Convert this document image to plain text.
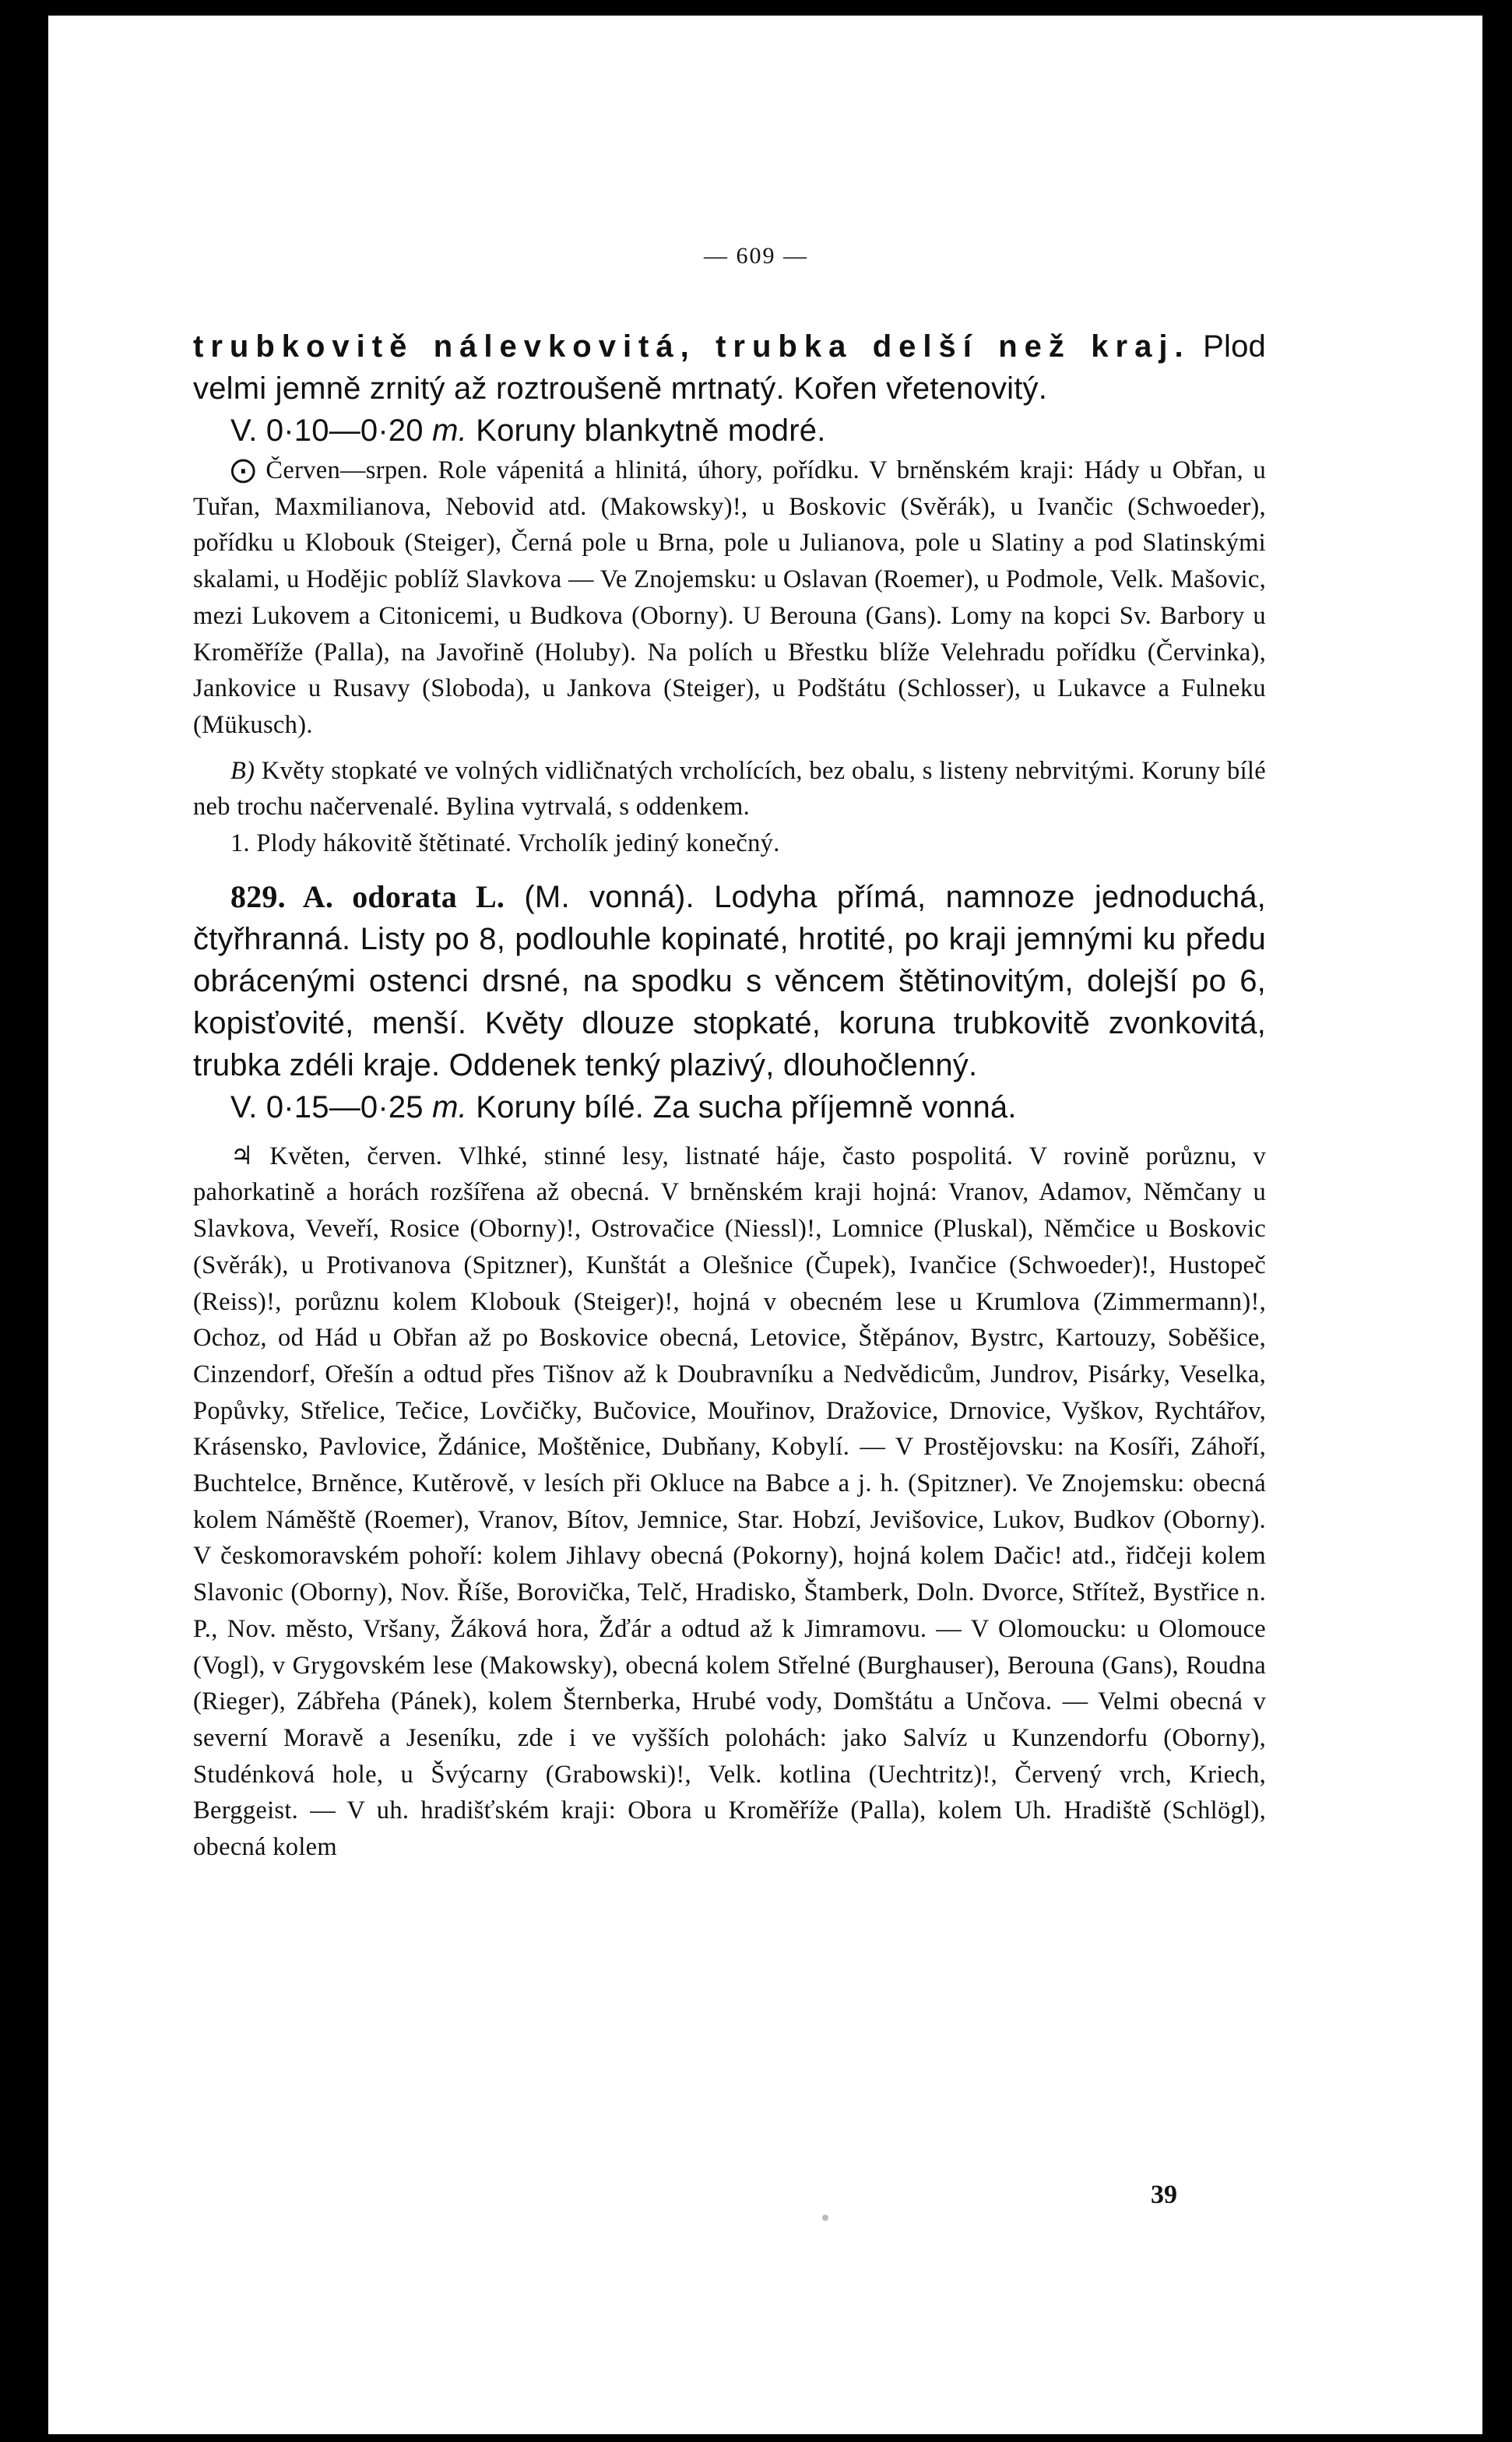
— 609 —

trubkovitě nálevkovitá, trubka delší než kraj. Plod velmi jemně zrnitý až roztroušeně mrtnatý. Kořen vřetenovitý.

V. 0·10—0·20 m. Koruny blankytně modré.

⨀ Červen—srpen. Role vápenitá a hlinitá, úhory, pořídku. V brněnském kraji: Hády u Obřan, u Tuřan, Maxmilianova, Nebovid atd. (Makowsky)!, u Boskovic (Svěrák), u Ivančic (Schwoeder), pořídku u Klobouk (Steiger), Černá pole u Brna, pole u Julianova, pole u Slatiny a pod Slatinskými skalami, u Hodějic poblíž Slavkova — Ve Znojemsku: u Oslavan (Roemer), u Podmole, Velk. Mašovic, mezi Lukovem a Citonicemi, u Budkova (Oborny). U Berouna (Gans). Lomy na kopci Sv. Barbory u Kroměříže (Palla), na Javořině (Holuby). Na polích u Břestku blíže Velehradu pořídku (Červinka), Jankovice u Rusavy (Sloboda), u Jankova (Steiger), u Podštátu (Schlosser), u Lukavce a Fulneku (Mükusch).

B) Květy stopkaté ve volných vidličnatých vrcholících, bez obalu, s listeny nebrvitými. Koruny bílé neb trochu načervenalé. Bylina vytrvalá, s oddenkem.

1. Plody hákovitě štětinaté. Vrcholík jediný konečný.

829. A. odorata L. (M. vonná). Lodyha přímá, namnoze jednoduchá, čtyřhranná. Listy po 8, podlouhle kopinaté, hrotité, po kraji jemnými ku předu obrácenými ostenci drsné, na spodku s věncem štětinovitým, dolejší po 6, kopisťovité, menší. Květy dlouze stopkaté, koruna trubkovitě zvonkovitá, trubka zdéli kraje. Oddenek tenký plazivý, dlouhočlenný.

V. 0·15—0·25 m. Koruny bílé. Za sucha příjemně vonná.

♃ Květen, červen. Vlhké, stinné lesy, listnaté háje, často pospolitá. V rovině porůznu, v pahorkatině a horách rozšířena až obecná. V brněnském kraji hojná: Vranov, Adamov, Němčany u Slavkova, Veveří, Rosice (Oborny)!, Ostrovačice (Niessl)!, Lomnice (Pluskal), Němčice u Boskovic (Svěrák), u Protivanova (Spitzner), Kunštát a Olešnice (Čupek), Ivančice (Schwoeder)!, Hustopeč (Reiss)!, porůznu kolem Klobouk (Steiger)!, hojná v obecném lese u Krumlova (Zimmermann)!, Ochoz, od Hád u Obřan až po Boskovice obecná, Letovice, Štěpánov, Bystrc, Kartouzy, Soběšice, Cinzendorf, Ořešín a odtud přes Tišnov až k Doubravníku a Nedvědicům, Jundrov, Pisárky, Veselka, Popůvky, Střelice, Tečice, Lovčičky, Bučovice, Mouřinov, Dražovice, Drnovice, Vyškov, Rychtářov, Krásensko, Pavlovice, Ždánice, Moštěnice, Dubňany, Kobylí. — V Prostějovsku: na Kosíři, Záhoří, Buchtelce, Brněnce, Kutěrově, v lesích při Okluce na Babce a j. h. (Spitzner). Ve Znojemsku: obecná kolem Náměště (Roemer), Vranov, Bítov, Jemnice, Star. Hobzí, Jevišovice, Lukov, Budkov (Oborny). V českomoravském pohoří: kolem Jihlavy obecná (Pokorny), hojná kolem Dačic! atd., řidčeji kolem Slavonic (Oborny), Nov. Říše, Borovička, Telč, Hradisko, Štamberk, Doln. Dvorce, Střítež, Bystřice n. P., Nov. město, Vršany, Žáková hora, Žďár a odtud až k Jimramovu. — V Olomoucku: u Olomouce (Vogl), v Grygovském lese (Makowsky), obecná kolem Střelné (Burghauser), Berouna (Gans), Roudna (Rieger), Zábřeha (Pánek), kolem Šternberka, Hrubé vody, Domštátu a Unčova. — Velmi obecná v severní Moravě a Jeseníku, zde i ve vyšších polohách: jako Salvíz u Kunzendorfu (Oborny), Studénková hole, u Švýcarny (Grabowski)!, Velk. kotlina (Uechtritz)!, Červený vrch, Kriech, Berggeist. — V uh. hradišťském kraji: Obora u Kroměříže (Palla), kolem Uh. Hradiště (Schlögl), obecná kolem

39
